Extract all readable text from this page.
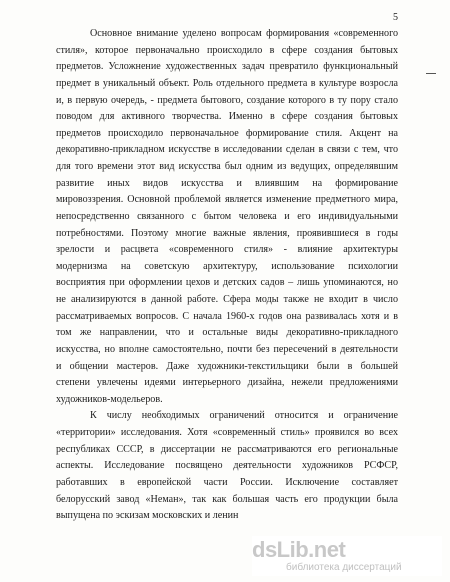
5
Основное внимание уделено вопросам формирования «современного
стиля», которое первоначально происходило в сфере создания бытовых
предметов. Усложнение художественных задач превратило функциональный
предмет в уникальный объект. Роль отдельного предмета в культуре возросла
и, в первую очередь, - предмета бытового, создание которого в ту пору стало
поводом для активного творчества. Именно в сфере создания бытовых
предметов происходило первоначальное формирование стиля. Акцент на
декоративно-прикладном искусстве в исследовании сделан в связи с тем, что
для того времени этот вид искусства был одним из ведущих, определявшим
развитие иных видов искусства и влиявшим на формирование
мировоззрения. Основной проблемой является изменение предметного мира,
непосредственно связанного с бытом человека и его индивидуальными
потребностями. Поэтому многие важные явления, проявившиеся в годы
зрелости и расцвета «современного стиля» - влияние архитектуры
модернизма на советскую архитектуру, использование психологии
восприятия при оформлении цехов и детских садов – лишь упоминаются, но
не анализируются в данной работе. Сфера моды также не входит в число
рассматриваемых вопросов. С начала 1960-х годов она развивалась хотя и в
том же направлении, что и остальные виды декоративно-прикладного
искусства, но вполне самостоятельно, почти без пересечений в деятельности
и общении мастеров. Даже художники-текстильщики были в большей
степени увлечены идеями интерьерного дизайна, нежели предложениями
художников-модельеров.
К числу необходимых ограничений относится и ограничение
«территории» исследования. Хотя «современный стиль» проявился во всех
республиках СССР, в диссертации не рассматриваются его региональные
аспекты. Исследование посвящено деятельности художников РСФСР,
работавших в европейской части России. Исключение составляет
белорусский завод «Неман», так как большая часть его продукции была
выпущена по эскизам московских и ленин
dsLib.net
библиотека диссертаций
